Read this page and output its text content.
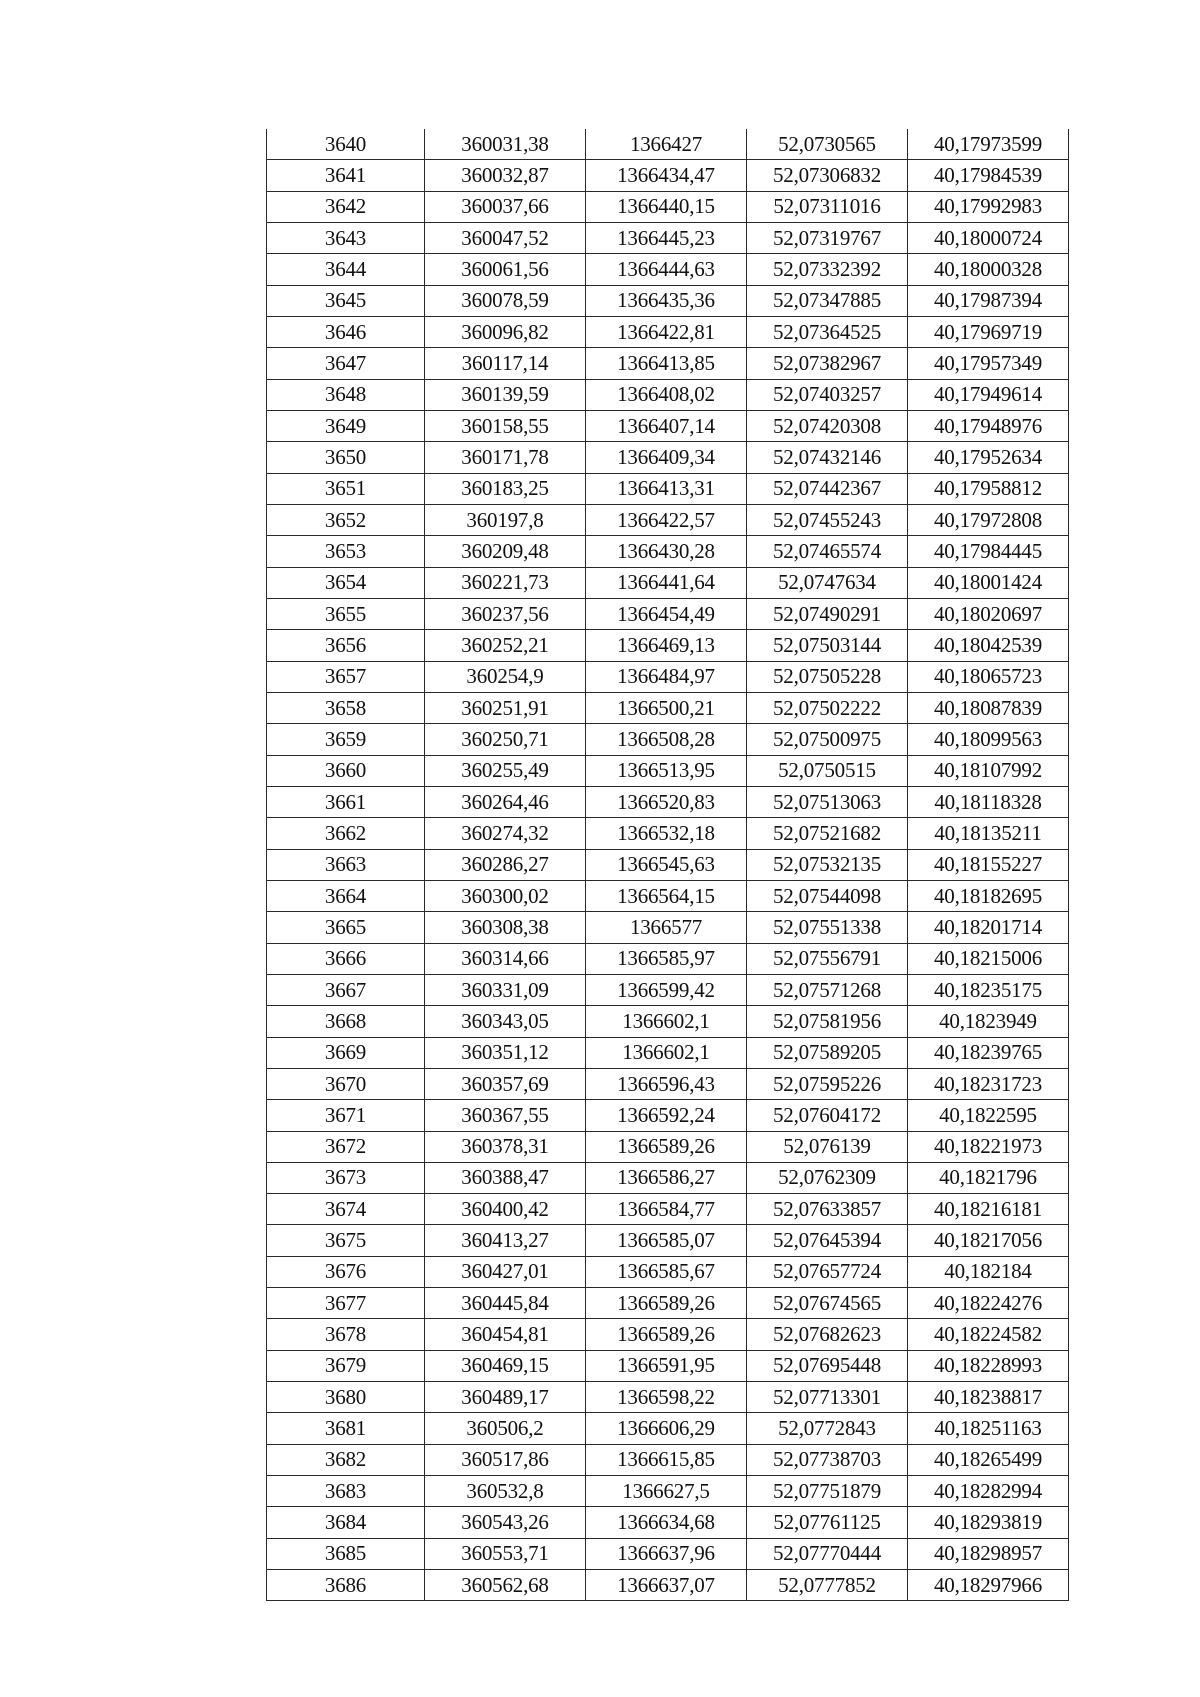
3640	360031,38	1366427	52,0730565	40,17973599
3641	360032,87	1366434,47	52,07306832	40,17984539
3642	360037,66	1366440,15	52,07311016	40,17992983
3643	360047,52	1366445,23	52,07319767	40,18000724
3644	360061,56	1366444,63	52,07332392	40,18000328
3645	360078,59	1366435,36	52,07347885	40,17987394
3646	360096,82	1366422,81	52,07364525	40,17969719
3647	360117,14	1366413,85	52,07382967	40,17957349
3648	360139,59	1366408,02	52,07403257	40,17949614
3649	360158,55	1366407,14	52,07420308	40,17948976
3650	360171,78	1366409,34	52,07432146	40,17952634
3651	360183,25	1366413,31	52,07442367	40,17958812
3652	360197,8	1366422,57	52,07455243	40,17972808
3653	360209,48	1366430,28	52,07465574	40,17984445
3654	360221,73	1366441,64	52,0747634	40,18001424
3655	360237,56	1366454,49	52,07490291	40,18020697
3656	360252,21	1366469,13	52,07503144	40,18042539
3657	360254,9	1366484,97	52,07505228	40,18065723
3658	360251,91	1366500,21	52,07502222	40,18087839
3659	360250,71	1366508,28	52,07500975	40,18099563
3660	360255,49	1366513,95	52,0750515	40,18107992
3661	360264,46	1366520,83	52,07513063	40,18118328
3662	360274,32	1366532,18	52,07521682	40,18135211
3663	360286,27	1366545,63	52,07532135	40,18155227
3664	360300,02	1366564,15	52,07544098	40,18182695
3665	360308,38	1366577	52,07551338	40,18201714
3666	360314,66	1366585,97	52,07556791	40,18215006
3667	360331,09	1366599,42	52,07571268	40,18235175
3668	360343,05	1366602,1	52,07581956	40,1823949
3669	360351,12	1366602,1	52,07589205	40,18239765
3670	360357,69	1366596,43	52,07595226	40,18231723
3671	360367,55	1366592,24	52,07604172	40,1822595
3672	360378,31	1366589,26	52,076139	40,18221973
3673	360388,47	1366586,27	52,0762309	40,1821796
3674	360400,42	1366584,77	52,07633857	40,18216181
3675	360413,27	1366585,07	52,07645394	40,18217056
3676	360427,01	1366585,67	52,07657724	40,182184
3677	360445,84	1366589,26	52,07674565	40,18224276
3678	360454,81	1366589,26	52,07682623	40,18224582
3679	360469,15	1366591,95	52,07695448	40,18228993
3680	360489,17	1366598,22	52,07713301	40,18238817
3681	360506,2	1366606,29	52,0772843	40,18251163
3682	360517,86	1366615,85	52,07738703	40,18265499
3683	360532,8	1366627,5	52,07751879	40,18282994
3684	360543,26	1366634,68	52,07761125	40,18293819
3685	360553,71	1366637,96	52,07770444	40,18298957
3686	360562,68	1366637,07	52,0777852	40,18297966
